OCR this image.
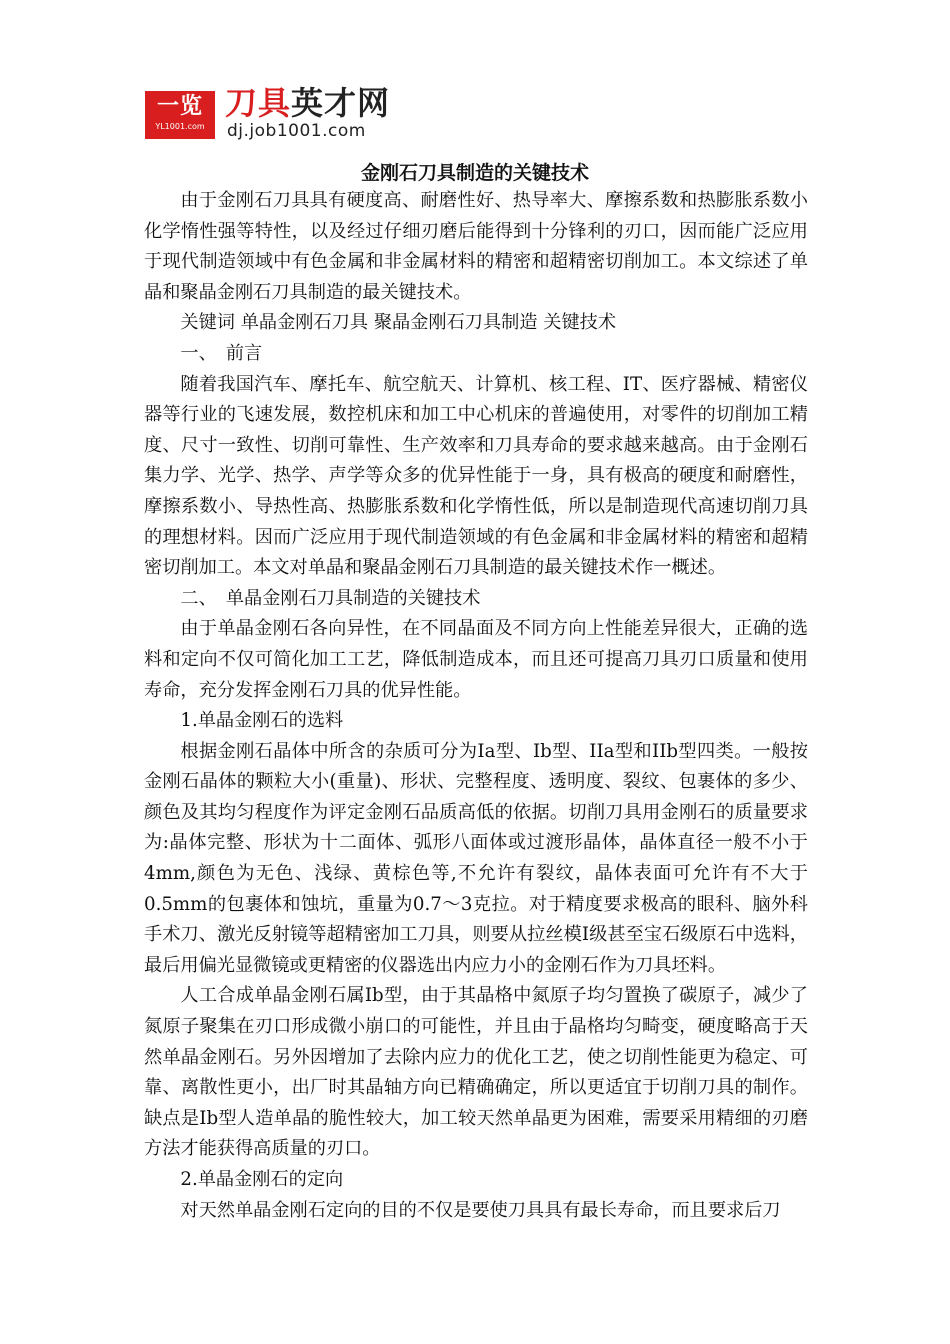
一览
YL1001.com
刀具英才网
dj.job1001.com
金刚石刀具制造的关键技术

由于金刚石刀具具有硬度高、耐磨性好、热导率大、摩擦系数和热膨胀系数小化学惰性强等特性，以及经过仔细刃磨后能得到十分锋利的刃口，因而能广泛应用于现代制造领域中有色金属和非金属材料的精密和超精密切削加工。本文综述了单晶和聚晶金刚石刀具制造的最关键技术。

关键词 单晶金刚石刀具 聚晶金刚石刀具制造 关键技术

一、　前言

随着我国汽车、摩托车、航空航天、计算机、核工程、IT、医疗器械、精密仪器等行业的飞速发展，数控机床和加工中心机床的普遍使用，对零件的切削加工精度、尺寸一致性、切削可靠性、生产效率和刀具寿命的要求越来越高。由于金刚石集力学、光学、热学、声学等众多的优异性能于一身，具有极高的硬度和耐磨性，摩擦系数小、导热性高、热膨胀系数和化学惰性低，所以是制造现代高速切削刀具的理想材料。因而广泛应用于现代制造领域的有色金属和非金属材料的精密和超精密切削加工。本文对单晶和聚晶金刚石刀具制造的最关键技术作一概述。

二、　单晶金刚石刀具制造的关键技术

由于单晶金刚石各向异性，在不同晶面及不同方向上性能差异很大，正确的选料和定向不仅可简化加工工艺，降低制造成本，而且还可提高刀具刃口质量和使用寿命，充分发挥金刚石刀具的优异性能。

1.单晶金刚石的选料

根据金刚石晶体中所含的杂质可分为Ia型、Ib型、IIa型和IIb型四类。一般按金刚石晶体的颗粒大小(重量)、形状、完整程度、透明度、裂纹、包裹体的多少、颜色及其均匀程度作为评定金刚石品质高低的依据。切削刀具用金刚石的质量要求为:晶体完整、形状为十二面体、弧形八面体或过渡形晶体，晶体直径一般不小于4mm,颜色为无色、浅绿、黄棕色等,不允许有裂纹，晶体表面可允许有不大于0.5mm的包裹体和蚀坑，重量为0.7～3克拉。对于精度要求极高的眼科、脑外科手术刀、激光反射镜等超精密加工刀具，则要从拉丝模Ⅰ级甚至宝石级原石中选料，最后用偏光显微镜或更精密的仪器选出内应力小的金刚石作为刀具坯料。

人工合成单晶金刚石属Ib型，由于其晶格中氮原子均匀置换了碳原子，减少了氮原子聚集在刃口形成微小崩口的可能性，并且由于晶格均匀畸变，硬度略高于天然单晶金刚石。另外因增加了去除内应力的优化工艺，使之切削性能更为稳定、可靠、离散性更小，出厂时其晶轴方向已精确确定，所以更适宜于切削刀具的制作。缺点是Ib型人造单晶的脆性较大，加工较天然单晶更为困难，需要采用精细的刃磨方法才能获得高质量的刃口。

2.单晶金刚石的定向

对天然单晶金刚石定向的目的不仅是要使刀具具有最长寿命，而且要求后刀
